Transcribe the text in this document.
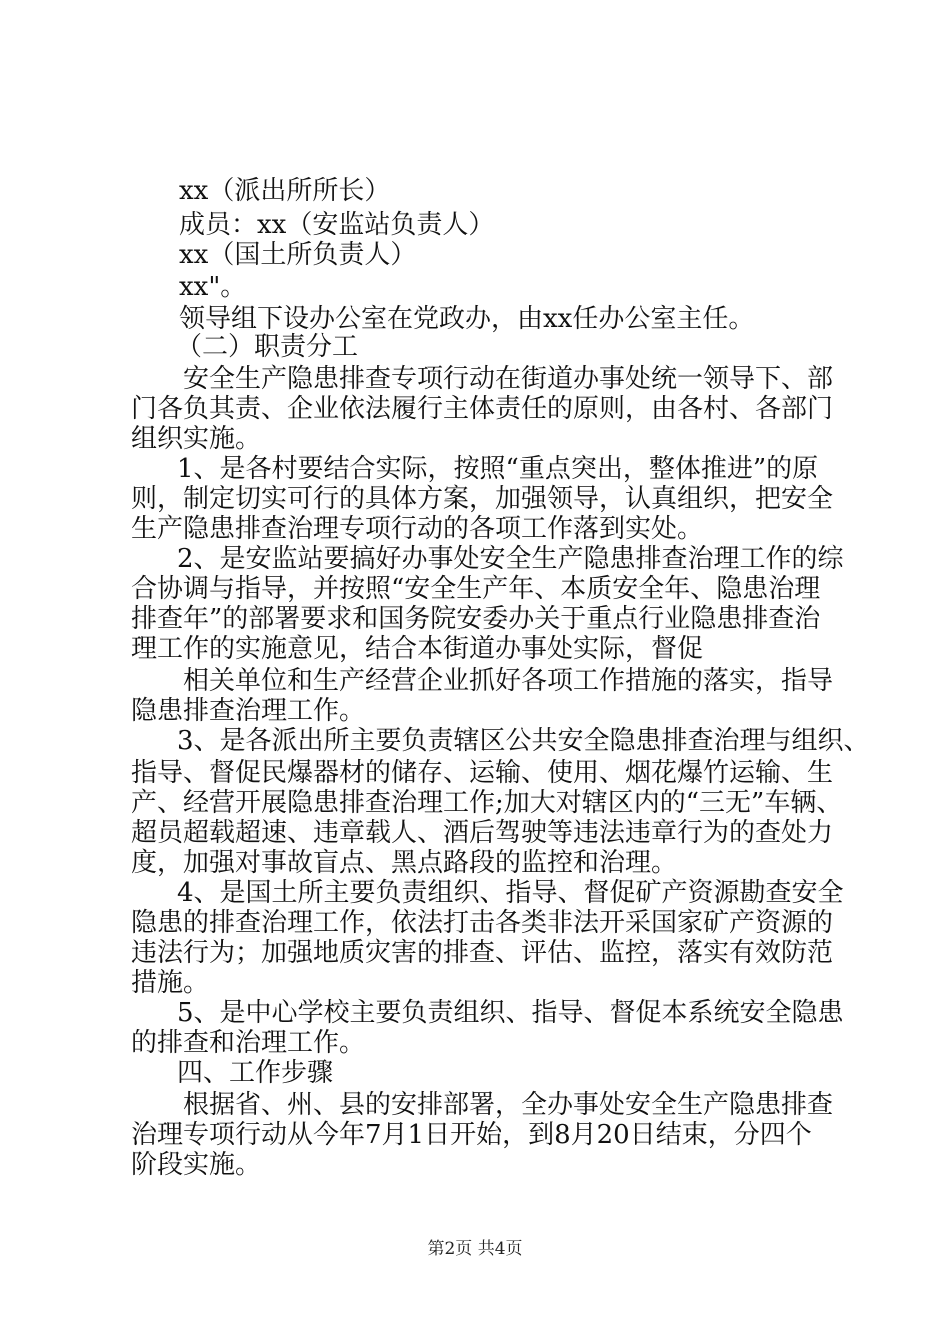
xx（派出所所长）
成员：xx（安监站负责人）
xx（国土所负责人）
xx"。
领导组下设办公室在党政办，由xx任办公室主任。
（二）职责分工
安全生产隐患排查专项行动在街道办事处统一领导下、部
门各负其责、企业依法履行主体责任的原则，由各村、各部门
组织实施。
1、是各村要结合实际，按照“重点突出，整体推进”的原
则，制定切实可行的具体方案，加强领导，认真组织，把安全
生产隐患排查治理专项行动的各项工作落到实处。
2、是安监站要搞好办事处安全生产隐患排查治理工作的综
合协调与指导，并按照“安全生产年、本质安全年、隐患治理
排查年”的部署要求和国务院安委办关于重点行业隐患排查治
理工作的实施意见，结合本街道办事处实际，督促
相关单位和生产经营企业抓好各项工作措施的落实，指导
隐患排查治理工作。
3、是各派出所主要负责辖区公共安全隐患排查治理与组织、
指导、督促民爆器材的储存、运输、使用、烟花爆竹运输、生
产、经营开展隐患排查治理工作;加大对辖区内的“三无”车辆、
超员超载超速、违章载人、酒后驾驶等违法违章行为的查处力
度，加强对事故盲点、黑点路段的监控和治理。
4、是国土所主要负责组织、指导、督促矿产资源勘查安全
隐患的排查治理工作，依法打击各类非法开采国家矿产资源的
违法行为；加强地质灾害的排查、评估、监控，落实有效防范
措施。
5、是中心学校主要负责组织、指导、督促本系统安全隐患
的排查和治理工作。
四、工作步骤
根据省、州、县的安排部署，全办事处安全生产隐患排查
治理专项行动从今年7月1日开始，到8月20日结束，分四个
阶段实施。
第2页 共4页
